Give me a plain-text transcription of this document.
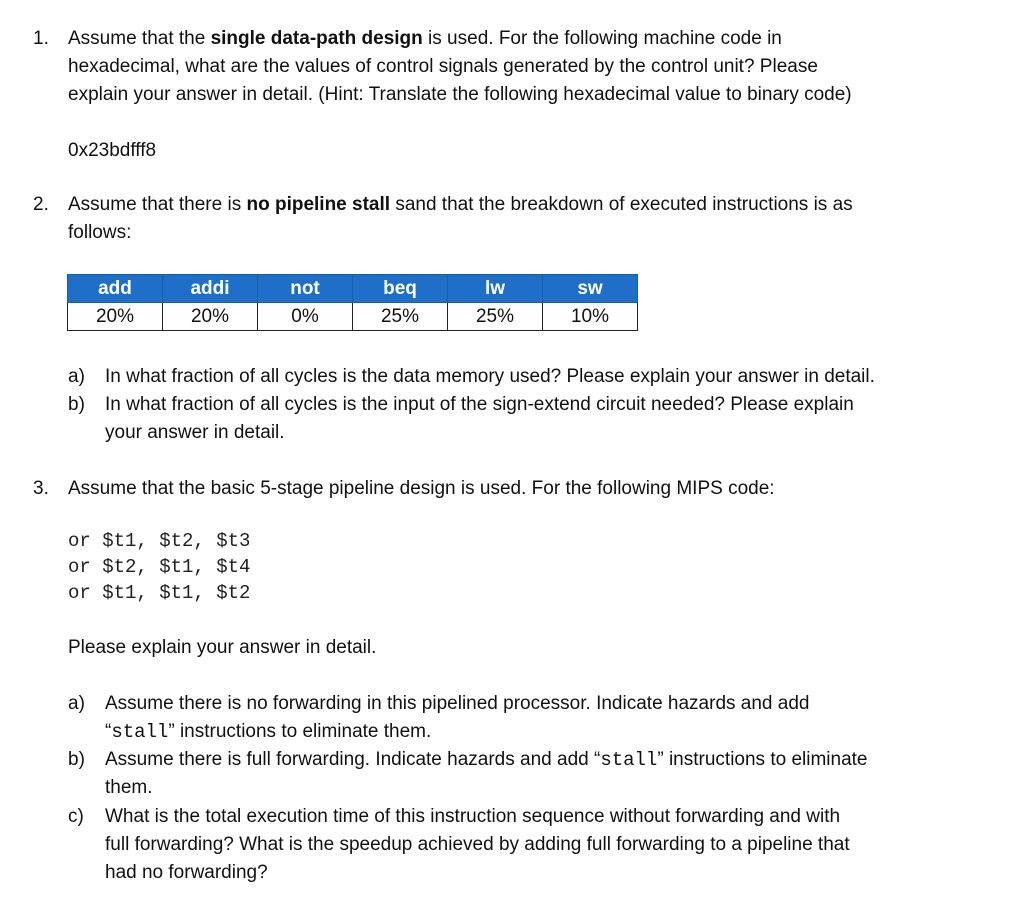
1. Assume that the single data-path design is used. For the following machine code in
hexadecimal, what are the values of control signals generated by the control unit? Please
explain your answer in detail. (Hint: Translate the following hexadecimal value to binary code)
0x23bdfff8
2. Assume that there is no pipeline stall sand that the breakdown of executed instructions is as
follows:
add	addi	not	beq	lw	sw
20%	20%	0%	25%	25%	10%
a) In what fraction of all cycles is the data memory used? Please explain your answer in detail.
b) In what fraction of all cycles is the input of the sign-extend circuit needed? Please explain
your answer in detail.
3. Assume that the basic 5-stage pipeline design is used. For the following MIPS code:
or $t1, $t2, $t3
or $t2, $t1, $t4
or $t1, $t1, $t2
Please explain your answer in detail.
a) Assume there is no forwarding in this pipelined processor. Indicate hazards and add
“stall” instructions to eliminate them.
b) Assume there is full forwarding. Indicate hazards and add “stall” instructions to eliminate
them.
c) What is the total execution time of this instruction sequence without forwarding and with
full forwarding? What is the speedup achieved by adding full forwarding to a pipeline that
had no forwarding?
